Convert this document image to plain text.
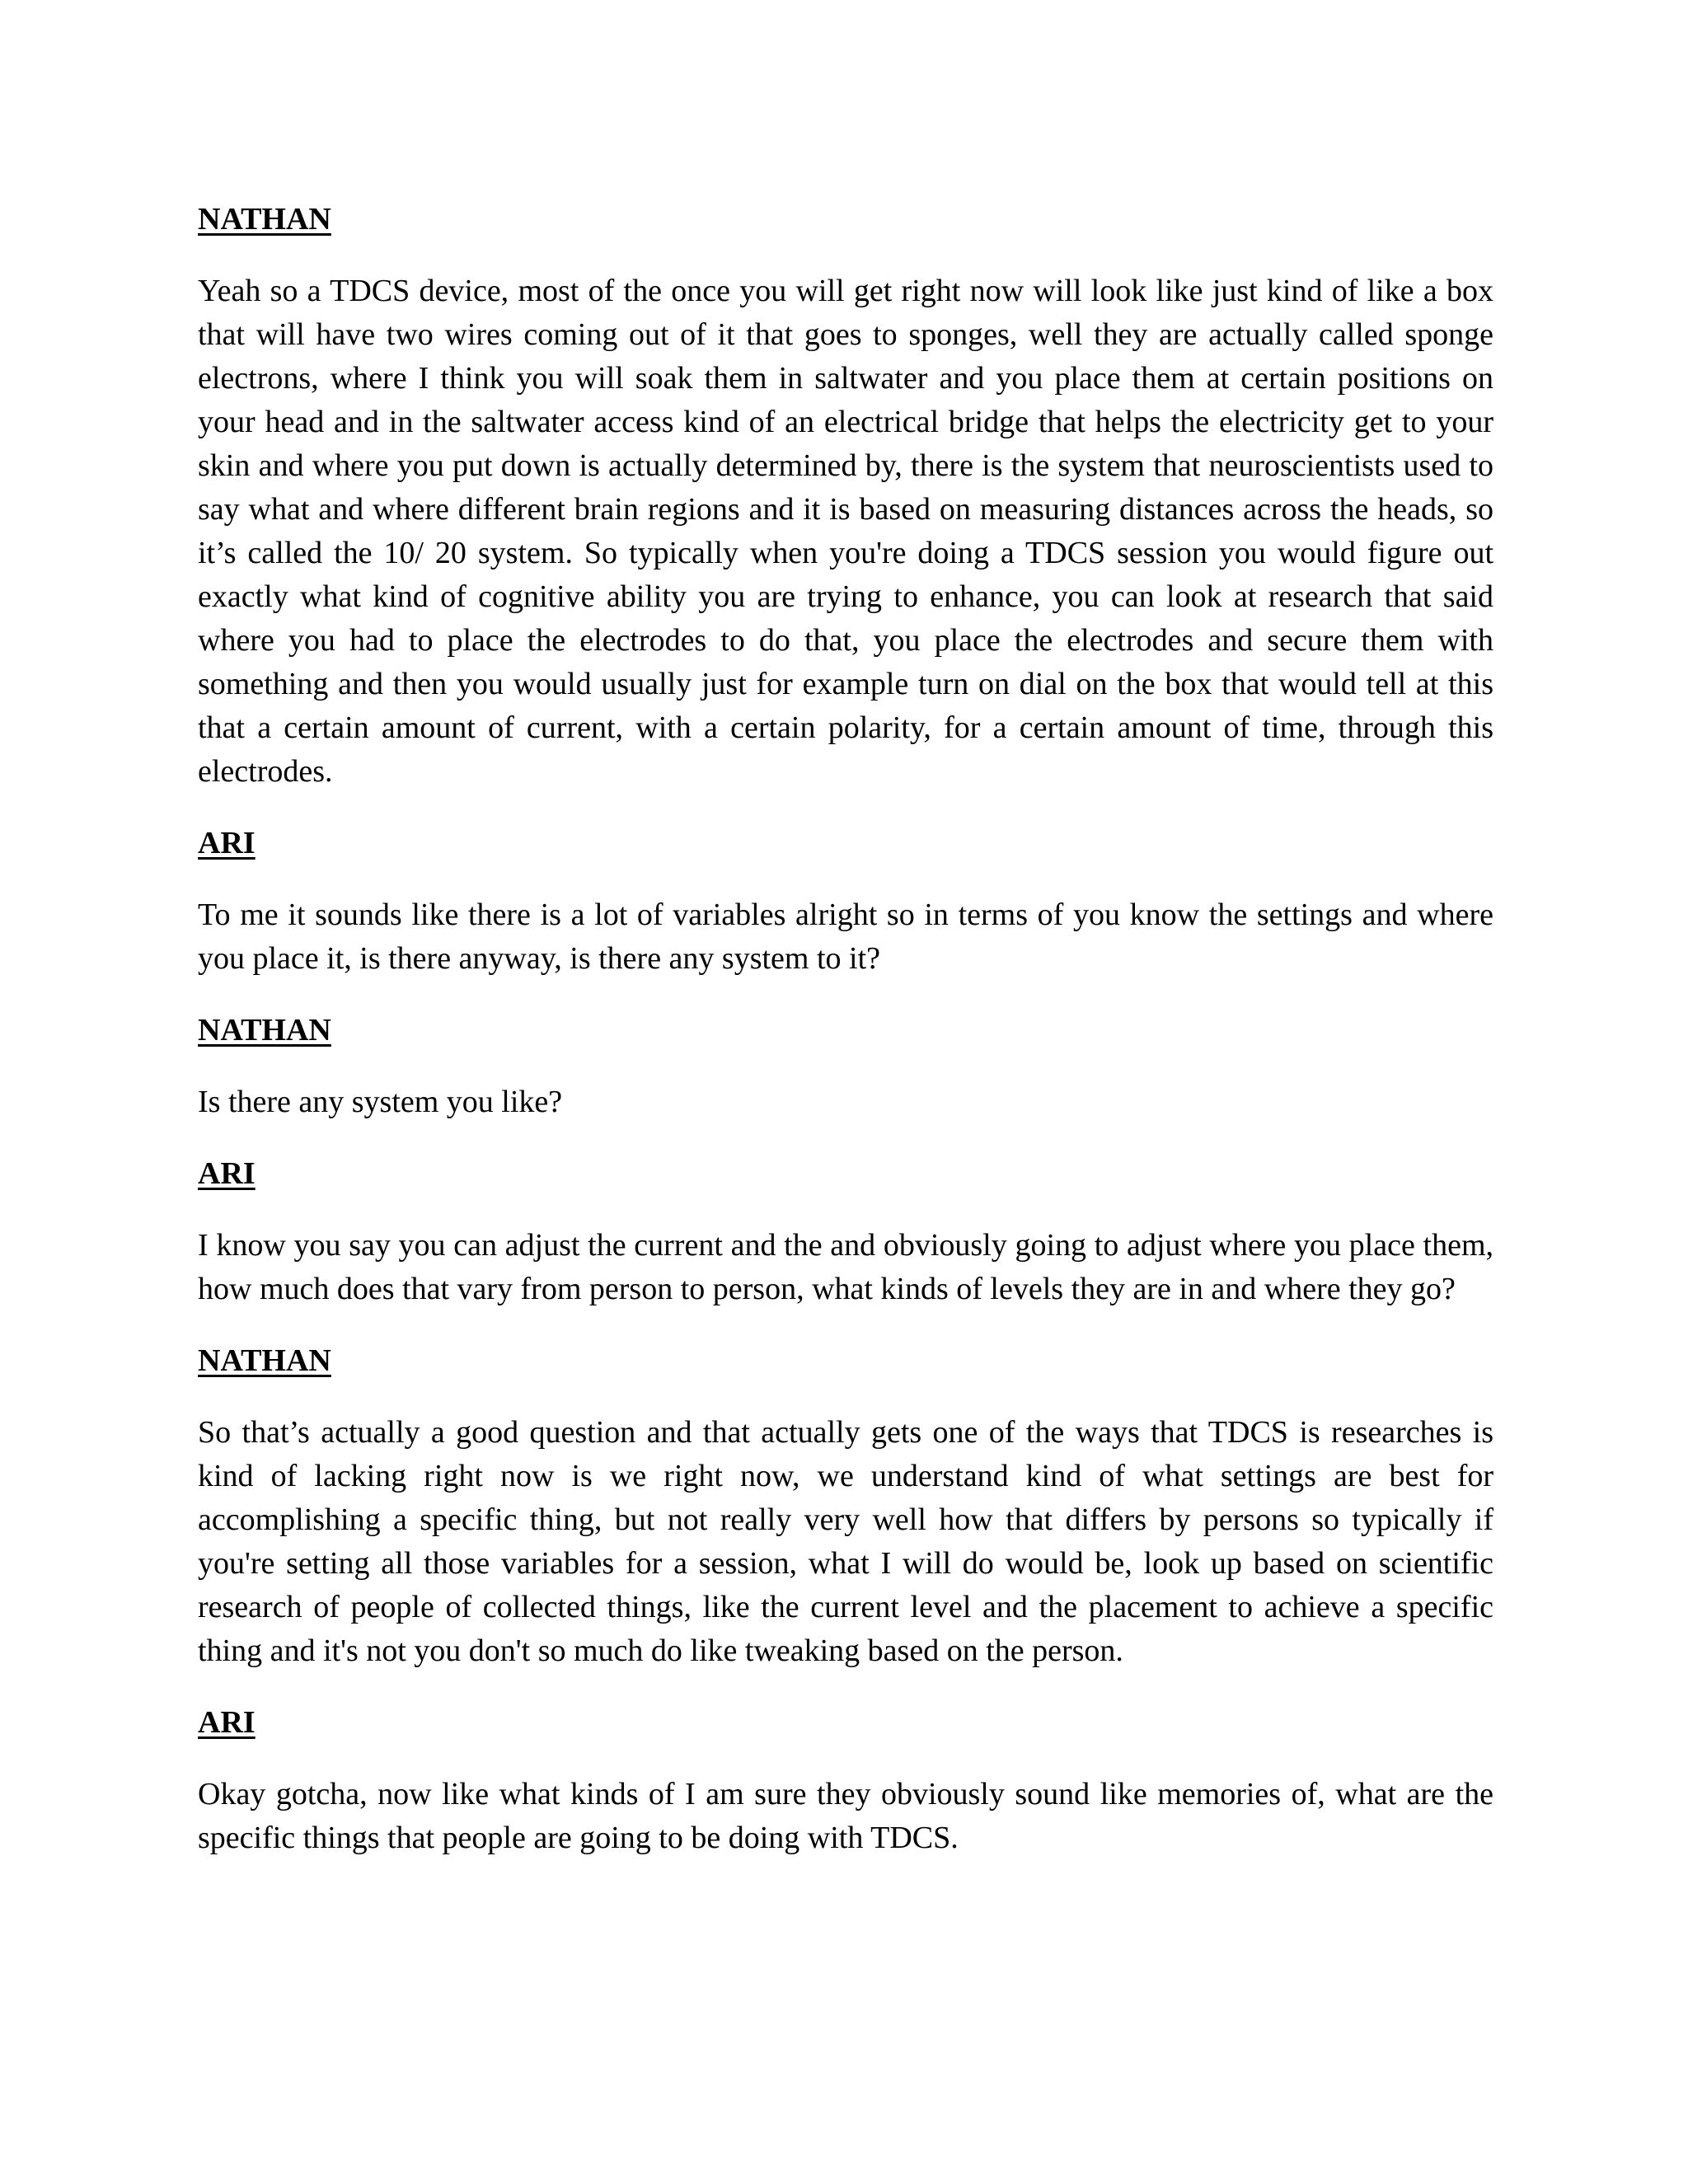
NATHAN

Yeah so a TDCS device, most of the once you will get right now will look like just kind of like a box that will have two wires coming out of it that goes to sponges, well they are actually called sponge electrons, where I think you will soak them in saltwater and you place them at certain positions on your head and in the saltwater access kind of an electrical bridge that helps the electricity get to your skin and where you put down is actually determined by, there is the system that neuroscientists used to say what and where different brain regions and it is based on measuring distances across the heads, so it’s called the 10/ 20 system. So typically when you're doing a TDCS session you would figure out exactly what kind of cognitive ability you are trying to enhance, you can look at research that said where you had to place the electrodes to do that, you place the electrodes and secure them with something and then you would usually just for example turn on dial on the box that would tell at this that a certain amount of current, with a certain polarity, for a certain amount of time, through this electrodes.

ARI

To me it sounds like there is a lot of variables alright so in terms of you know the settings and where you place it, is there anyway, is there any system to it?

NATHAN

Is there any system you like?

ARI

I know you say you can adjust the current and the and obviously going to adjust where you place them, how much does that vary from person to person, what kinds of levels they are in and where they go?

NATHAN

So that’s actually a good question and that actually gets one of the ways that TDCS is researches is kind of lacking right now is we right now, we understand kind of what settings are best for accomplishing a specific thing, but not really very well how that differs by persons so typically if you're setting all those variables for a session, what I will do would be, look up based on scientific research of people of collected things, like the current level and the placement to achieve a specific thing and it's not you don't so much do like tweaking based on the person.

ARI

Okay gotcha, now like what kinds of I am sure they obviously sound like memories of, what are the specific things that people are going to be doing with TDCS.
